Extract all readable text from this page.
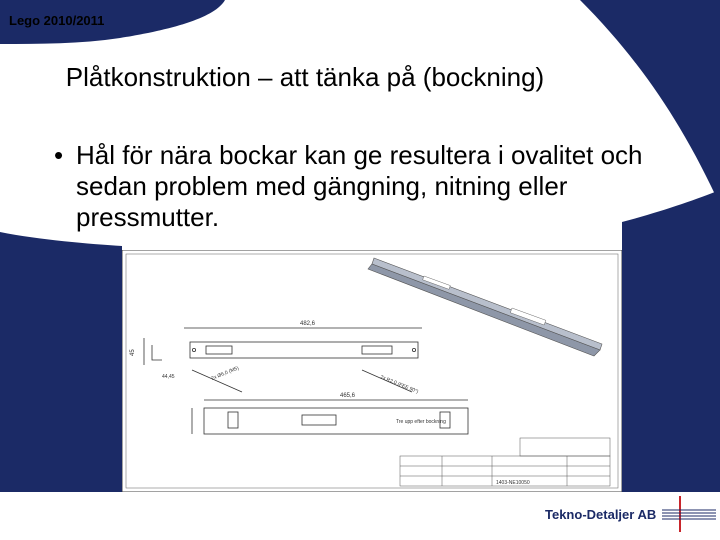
Lego 2010/2011
Plåtkonstruktion – att tänka på (bockning)
• Hål för nära bockar kan ge resultera i ovalitet och sedan problem med gängning, nitning eller pressmutter.
45
482,6
44,45	2x Ø6,0 (M5)
2x R2,0 (FEE 90°)
465,6
Tre upp efter bockning
1403-NE10050
Tekno-Detaljer AB
